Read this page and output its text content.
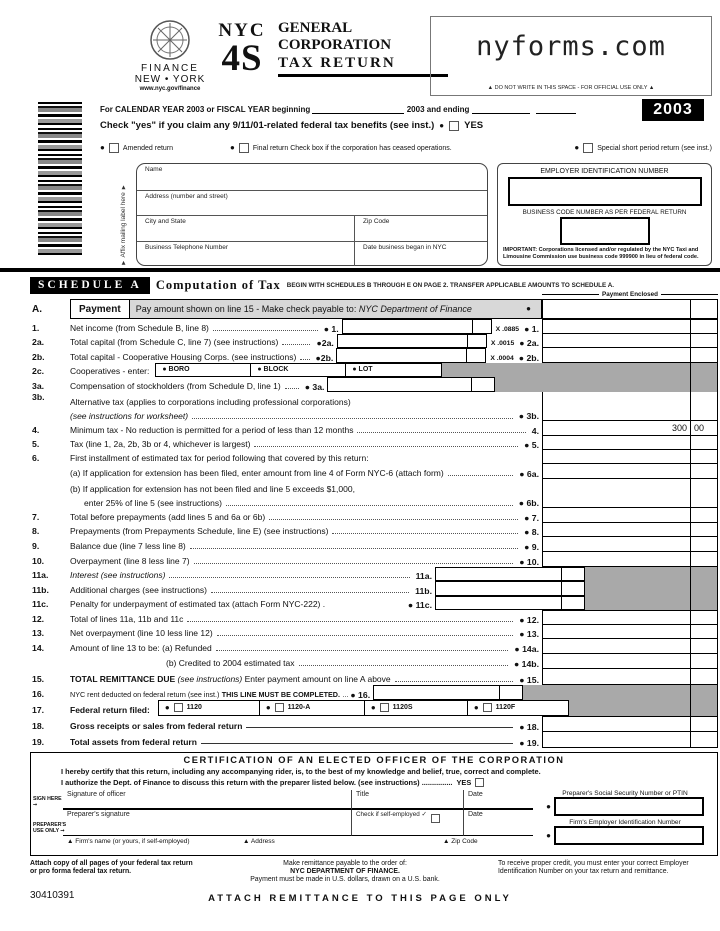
FINANCE
NEW • YORK
www.nyc.gov/finance
NYC
4S
GENERAL CORPORATION
TAX RETURN
nyforms.com
▲ DO NOT WRITE IN THIS SPACE - FOR OFFICIAL USE ONLY ▲
2003
For CALENDAR YEAR 2003 or FISCAL YEAR beginning	2003 and ending
Check "yes" if you claim any 9/11/01-related federal tax benefits (see inst.) ● YES
●	Amended return	●	Final return Check box if the corporation has ceased operations.	●	Special short period return (see inst.)
▼ Affix mailing label here ▼
Name
Address (number and street)
City and State	Zip Code
Business Telephone Number	Date business began in NYC
EMPLOYER IDENTIFICATION NUMBER
BUSINESS CODE NUMBER AS PER FEDERAL RETURN
IMPORTANT: Corporations licensed and/or regulated by the NYC Taxi and Limousine Commission use business code 999900 in lieu of federal code.
SCHEDULE A	Computation of Tax BEGIN WITH SCHEDULES B THROUGH E ON PAGE 2. TRANSFER APPLICABLE AMOUNTS TO SCHEDULE A.
Payment Enclosed
A.	Payment	Pay amount shown on line 15 - Make check payable to:
NYC Department of Finance	●
1.	Net income (from Schedule B, line 8)	● 1.	X .0885 ● 1.
2a.	Total capital (from Schedule C, line 7) (see instructions)	●2a.	X .0015 ● 2a.
2b.	Total capital - Cooperative Housing Corps. (see instructions) ●2b.	X .0004 ● 2b.
2c.	Cooperatives - enter:	● BORO	● BLOCK	● LOT
3a.	Compensation of stockholders (from Schedule D, line 1)	● 3a.
3b.	Alternative tax (applies to corporations including professional corporations)
(see instructions for worksheet)	● 3b.
4.	Minimum tax - No reduction is permitted for a period of less than 12 months	4.	300 00
5.	Tax (line 1, 2a, 2b, 3b or 4, whichever is largest)	● 5.
6.	First installment of estimated tax for period following that covered by this return:
(a) If application for extension has been filed, enter amount from line 4 of Form NYC-6 (attach form)	● 6a.
(b) If application for extension has not been filed and line 5 exceeds $1,000,
enter 25% of line 5 (see instructions)	● 6b.
7.	Total before prepayments (add lines 5 and 6a or 6b)	● 7.
8.	Prepayments (from Prepayments Schedule, line E) (see instructions)	● 8.
9.	Balance due (line 7 less line 8)	● 9.
10.	Overpayment (line 8 less line 7)	● 10.
11a.	Interest (see instructions)	11a.
11b.	Additional charges (see instructions)	11b.
11c.	Penalty for underpayment of estimated tax (attach Form NYC-222) .	● 11c.
12.	Total of lines 11a, 11b and 11c	● 12.
13.	Net overpayment (line 10 less line 12)	● 13.
14.	Amount of line 13 to be: (a) Refunded	● 14a.
(b) Credited to 2004 estimated tax	● 14b.
15.	TOTAL REMITTANCE DUE
(see instructions)
Enter payment amount on line A above	● 15.
16.	NYC rent deducted on federal return (see inst.)
THIS LINE MUST BE COMPLETED.
... ● 16.
17.	Federal return filed: ● 1120	● 1120-A	● 1120S	● 1120F
18.	Gross receipts or sales from federal return	● 18.
19.	Total assets from federal return	● 19.
CERTIFICATION OF AN ELECTED OFFICER OF THE CORPORATION
I hereby certify that this return, including any accompanying rider, is, to the best of my knowledge and belief, true, correct and complete.
I authorize the Dept. of Finance to discuss this return with the preparer listed below. (see instructions) ............... YES
SIGN HERE ➞
PREPARER'S USE ONLY ➞
Signature of officer	Title	Date
Preparer's signature	Check if self-employed ✓	Date
▲ Firm's name (or yours, if self-employed)	▲ Address	▲ Zip Code
Preparer's Social Security Number or PTIN
●
Firm's Employer Identification Number
●
Attach copy of all pages of your federal tax return or pro forma federal tax return.
Make remittance payable to the order of:
NYC DEPARTMENT OF FINANCE.
Payment must be made in U.S. dollars, drawn on a U.S. bank.
To receive proper credit, you must enter your correct Employer Identification Number on your tax return and remittance.
30410391	ATTACH REMITTANCE TO THIS PAGE ONLY
